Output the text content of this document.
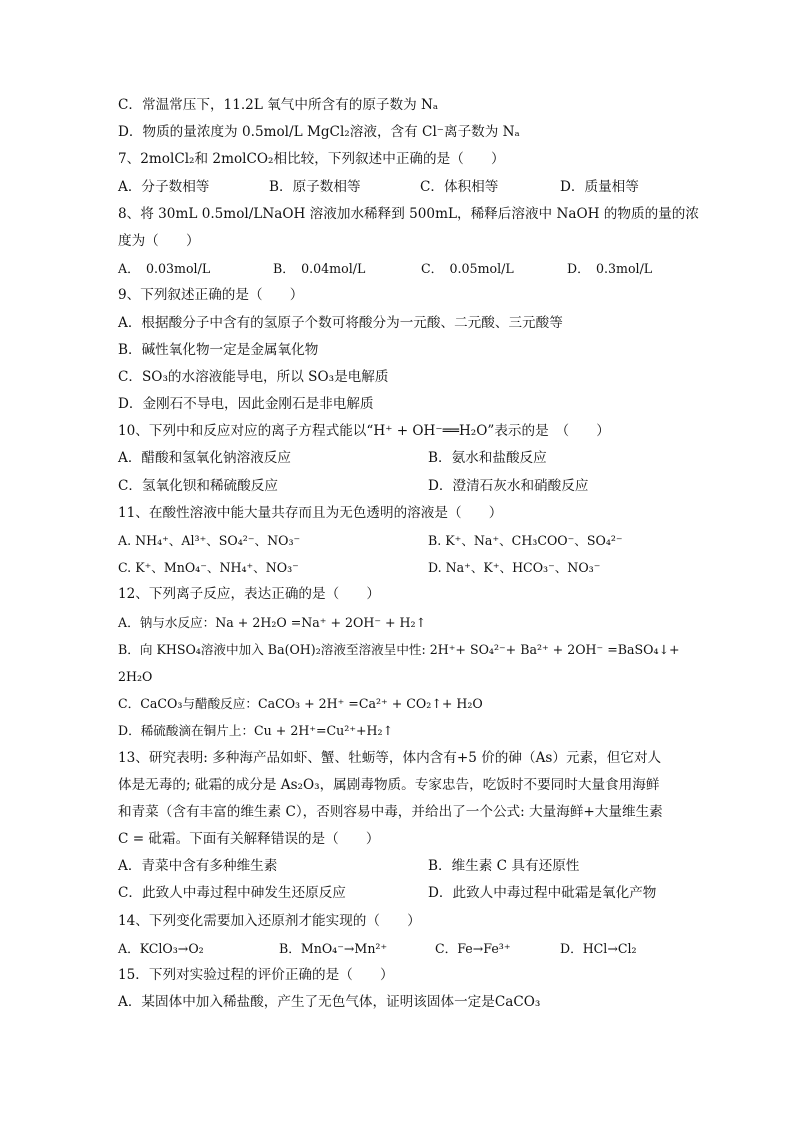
C．常温常压下，11.2L 氧气中所含有的原子数为 Nₐ
D．物质的量浓度为 0.5mol/L MgCl₂溶液，含有 Cl⁻离子数为 Nₐ
7、2molCl₂和 2molCO₂相比较，下列叙述中正确的是（　　）
A．分子数相等	B．原子数相等	C．体积相等	D．质量相等
8、将 30mL 0.5mol/LNaOH 溶液加水稀释到 500mL，稀释后溶液中 NaOH 的物质的量的浓
度为（　　）
A．　0.03mol/L	B．　0.04mol/L	C．　0.05mol/L	D．　0.3mol/L
9、下列叙述正确的是（　　）
A．根据酸分子中含有的氢原子个数可将酸分为一元酸、二元酸、三元酸等
B．碱性氧化物一定是金属氧化物
C．SO₃的水溶液能导电，所以 SO₃是电解质
D．金刚石不导电，因此金刚石是非电解质
10、下列中和反应对应的离子方程式能以“H⁺ + OH⁻══H₂O”表示的是　（　　）
A．醋酸和氢氧化钠溶液反应	B．氨水和盐酸反应
C．氢氧化钡和稀硫酸反应	D．澄清石灰水和硝酸反应
11、在酸性溶液中能大量共存而且为无色透明的溶液是（　　）
A. NH₄⁺、Al³⁺、SO₄²⁻、NO₃⁻	B. K⁺、Na⁺、CH₃COO⁻、SO₄²⁻
C. K⁺、MnO₄⁻、NH₄⁺、NO₃⁻	D. Na⁺、K⁺、HCO₃⁻、NO₃⁻
12、下列离子反应，表达正确的是（　　）
A．钠与水反应：Na + 2H₂O =Na⁺ + 2OH⁻ + H₂↑
B．向 KHSO₄溶液中加入 Ba(OH)₂溶液至溶液呈中性: 2H⁺+ SO₄²⁻+ Ba²⁺ + 2OH⁻ =BaSO₄↓+
2H₂O
C．CaCO₃与醋酸反应：CaCO₃ + 2H⁺ =Ca²⁺ + CO₂↑+ H₂O
D．稀硫酸滴在铜片上：Cu + 2H⁺=Cu²⁺+H₂↑
13、研究表明: 多种海产品如虾、蟹、牡蛎等，体内含有+5 价的砷（As）元素，但它对人
体是无毒的; 砒霜的成分是 As₂O₃，属剧毒物质。专家忠告，吃饭时不要同时大量食用海鲜
和青菜（含有丰富的维生素 C），否则容易中毒，并给出了一个公式: 大量海鲜+大量维生素
C = 砒霜。下面有关解释错误的是（　　）
A．青菜中含有多种维生素	B．维生素 C 具有还原性
C．此致人中毒过程中砷发生还原反应	D．此致人中毒过程中砒霜是氧化产物
14、下列变化需要加入还原剂才能实现的（　　）
A．KClO₃→O₂	B．MnO₄⁻→Mn²⁺	C．Fe→Fe³⁺	D．HCl→Cl₂
15．下列对实验过程的评价正确的是（　　）
A．某固体中加入稀盐酸，产生了无色气体，证明该固体一定是CaCO₃
